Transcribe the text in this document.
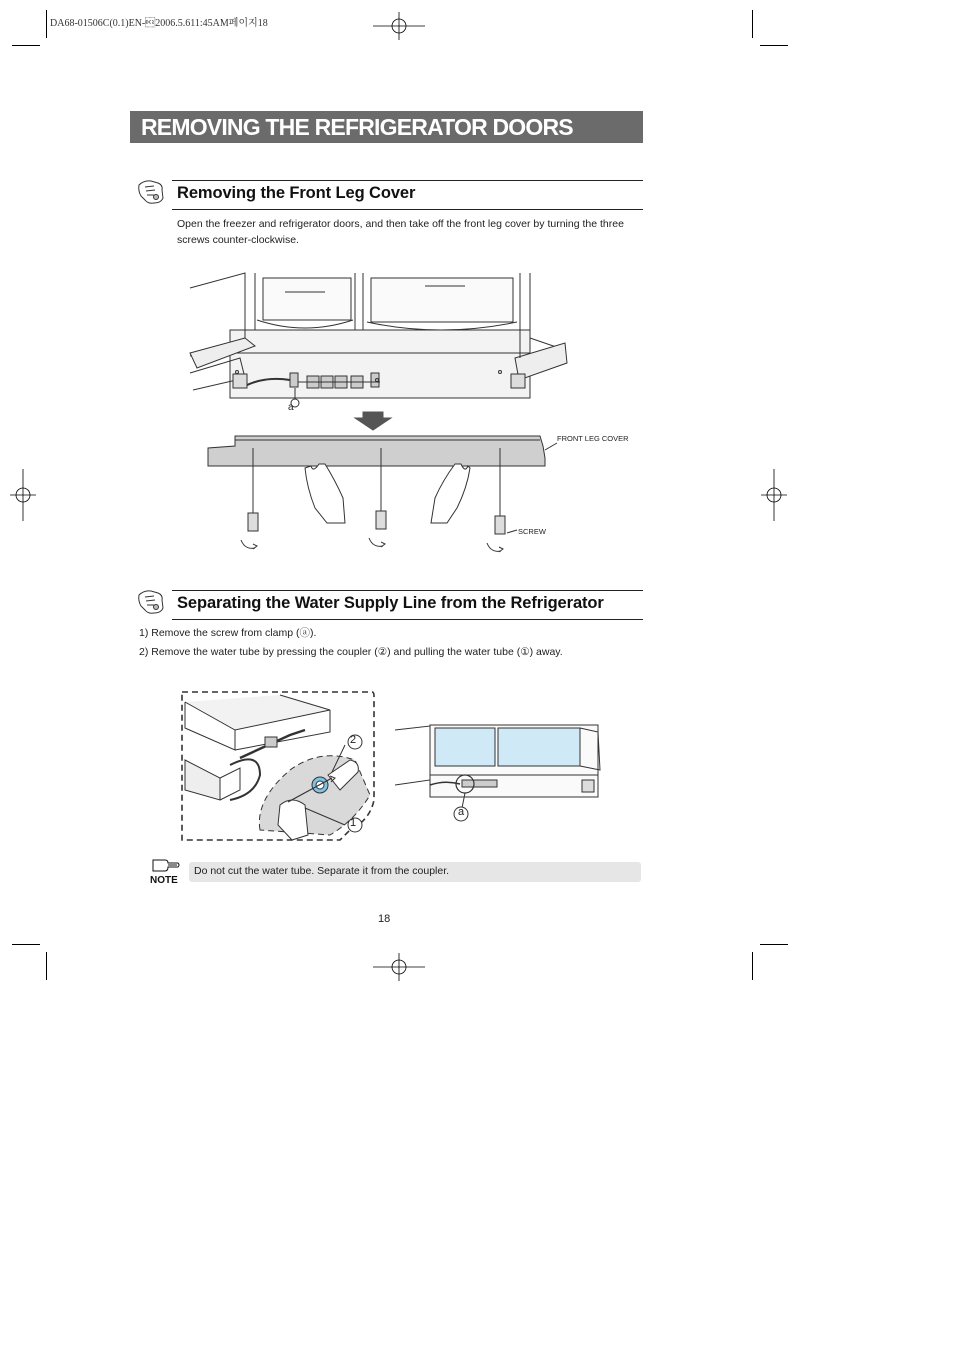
DA68-01506C(0.1)EN-2006.5.611:45AM페이지18
REMOVING THE REFRIGERATOR DOORS
Removing the Front Leg Cover
Open the freezer and refrigerator doors, and then take off the front leg cover by turning the three screws counter-clockwise.
FRONT LEG COVER
SCREW
a
Separating the Water Supply Line from the Refrigerator
1) Remove the screw from clamp (ⓐ).
2) Remove the water tube by pressing the coupler (②) and pulling the water tube (①) away.
2
1
a
NOTE
Do not cut the water tube. Separate it from the coupler.
18
